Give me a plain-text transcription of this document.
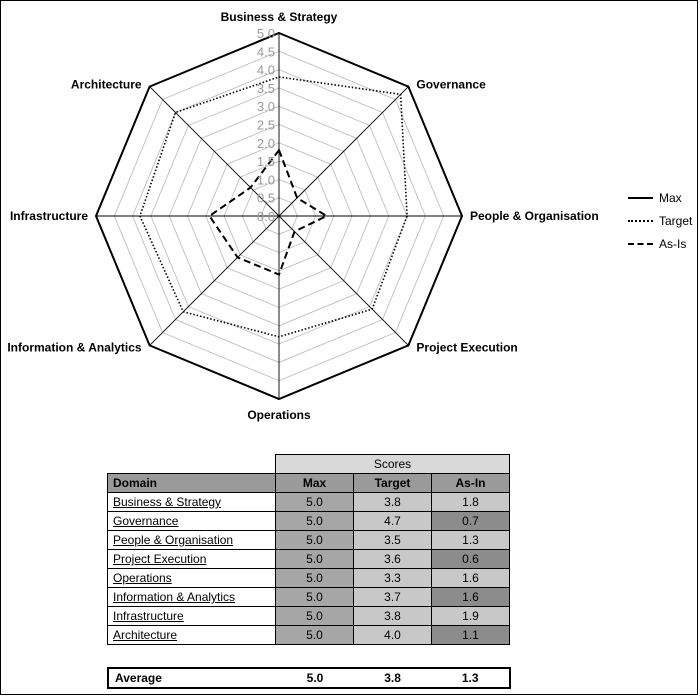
0.0
0.5
1.0
1.5
2.0
2.5
3.0
3.5
4.0
4.5
5.0
Business & Strategy
Governance
People & Organisation
Project Execution
Operations
Information & Analytics
Infrastructure
Architecture
Max
Target
As-Is
	Scores		
Domain	Max	Target	As-In
Business & Strategy	5.0	3.8	1.8
Governance	5.0	4.7	0.7
People & Organisation	5.0	3.5	1.3
Project Execution	5.0	3.6	0.6
Operations	5.0	3.3	1.6
Information & Analytics	5.0	3.7	1.6
Infrastructure	5.0	3.8	1.9
Architecture	5.0	4.0	1.1
Average	5.0	3.8	1.3
